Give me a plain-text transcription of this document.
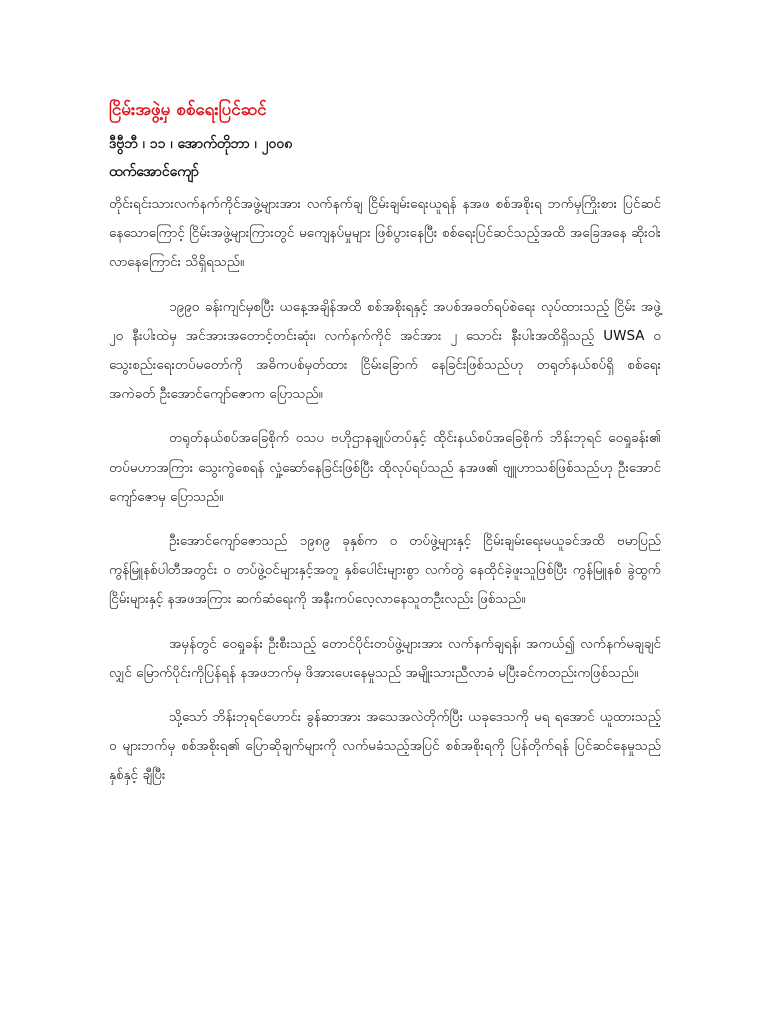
ငြိမ်းအဖွဲ့မှ စစ်ရေးပြင်ဆင်
ဒီဗွီဘီ ၊ ၁၁ ၊ အောက်တိုဘာ ၊ ၂၀၀၈
ထက်အောင်ကျော်

တိုင်းရင်းသားလက်နက်ကိုင်အဖွဲ့များအား လက်နက်ချ ငြိမ်းချမ်းရေးယူရန် နအဖ စစ်အစိုးရ ဘက်မှကြိုးစား ပြင်ဆင်နေသောကြောင့် ငြိမ်းအဖွဲ့များကြားတွင် မကျေနပ်မှုများ ဖြစ်ပွားနေပြီး စစ်ရေးပြင်ဆင်သည့်အထိ အခြေအနေ ဆိုးဝါးလာနေကြောင်း သိရှိရသည်။

၁၉၉၀ ခန်းကျင်မှစပြီး ယနေ့အချိန်အထိ စစ်အစိုးရနှင့် အပစ်အခတ်ရပ်စဲရေး လုပ်ထားသည့် ငြိမ်း အဖွဲ့ ၂၀ နီးပါးထဲမှ အင်အားအတောင့်တင်းဆုံး၊ လက်နက်ကိုင် အင်အား ၂ သောင်း နီးပါးအထိရှိသည့် UWSA ဝသွေးစည်းရေးတပ်မတော်ကို အဓိကပစ်မှတ်ထား ငြိမ်းခြောက် နေခြင်းဖြစ်သည်ဟု တရုတ်နယ်စပ်ရှိ စစ်ရေးအကဲခတ် ဦးအောင်ကျော်ဇောက ပြောသည်။

တရုတ်နယ်စပ်အခြေစိုက် ဝသပ ဗဟိုဌာနချုပ်တပ်နှင့် ထိုင်းနယ်စပ်အခြေစိုက် ဘိန်းဘုရင် ဝေရှုခန်း၏ တပ်မဟာအကြား သွေးကွဲစေရန် လှုံ့ဆော်နေခြင်းဖြစ်ပြီး ထိုလုပ်ရပ်သည် နအဖ၏ ဗျူဟာသစ်ဖြစ်သည်ဟု ဦးအောင်ကျော်ဇောမှ ပြောသည်။

ဦးအောင်ကျော်ဇောသည် ၁၉၈၉ ခုနှစ်က ဝ တပ်ဖွဲ့များနှင့် ငြိမ်းချမ်းရေးမယူခင်အထိ ဗမာပြည် ကွန်မြူနစ်ပါတီအတွင်း ဝ တပ်ဖွဲ့ဝင်များနှင့်အတူ နှစ်ပေါင်းများစွာ လက်တွဲ နေထိုင်ခဲ့ဖူးသူဖြစ်ပြီး ကွန်မြူနစ် ခွဲထွက် ငြိမ်းများနှင့် နအဖအကြား ဆက်ဆံရေးကို အနီးကပ်လေ့လာနေသူတဦးလည်း ဖြစ်သည်။

အမှန်တွင် ဝေရှုခန်း ဦးစီးသည့် တောင်ပိုင်းတပ်ဖွဲ့များအား လက်နက်ချရန်၊ အကယ်၍ လက်နက်မချချင်လျှင် မြောက်ပိုင်းကိုပြန်ရန် နအဖဘက်မှ ဖိအားပေးနေမှုသည် အမျိုးသားညီလာခံ မပြီးခင်ကတည်းကဖြစ်သည်။

သို့သော် ဘိန်းဘုရင်ဟောင်း ခွန်ဆာအား အသေအလဲတိုက်ပြီး ယခုဒေသကို မရ ရအောင် ယူထားသည့် ဝ များဘက်မှ စစ်အစိုးရ၏ ပြောဆိုချက်များကို လက်မခံသည့်အပြင် စစ်အစိုးရကို ပြန်တိုက်ရန် ပြင်ဆင်နေမှုသည် နှစ်နှင့် ချီပြီး
